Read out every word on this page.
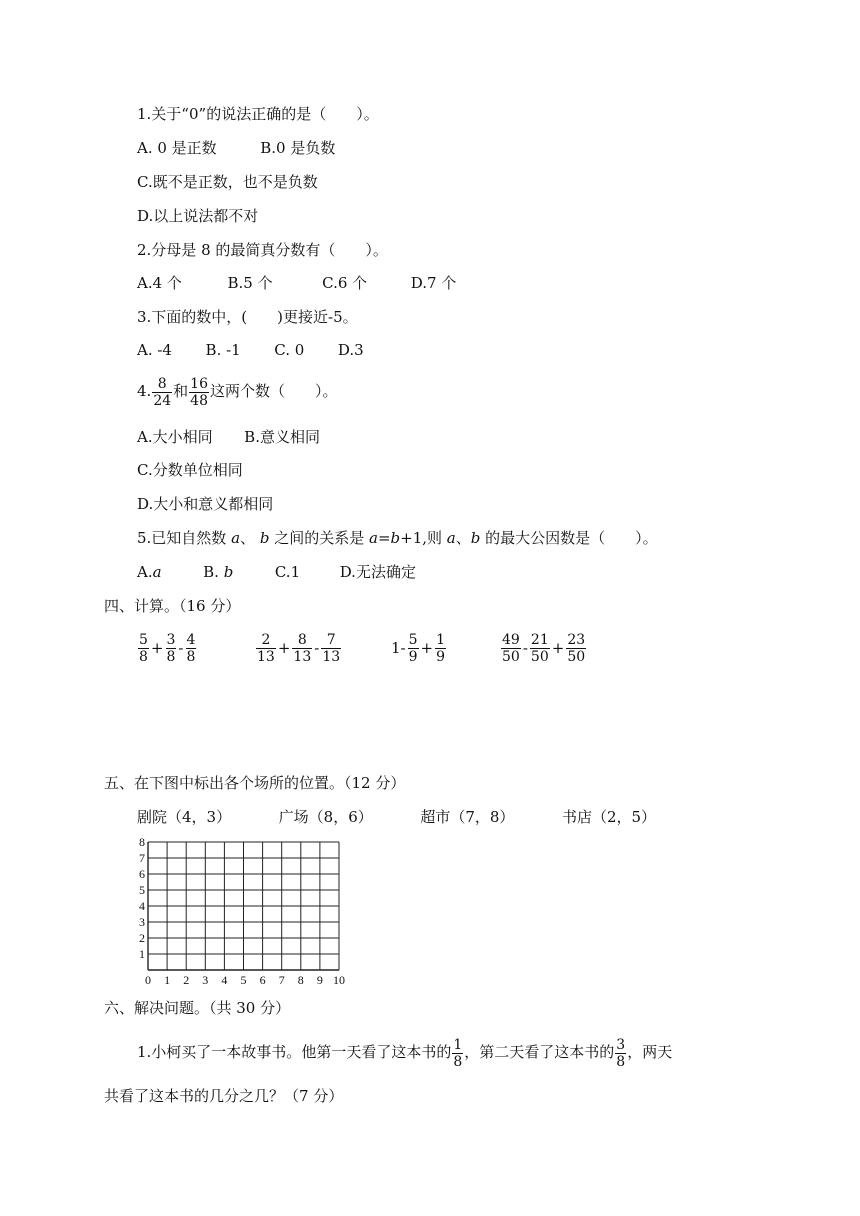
1.关于“0”的说法正确的是（　　）。
A. 0 是正数	B.0 是负数
C.既不是正数，也不是负数
D.以上说法都不对
2.分母是 8 的最简真分数有（　　）。
A.4 个	B.5 个	C.6 个	D.7 个
3.下面的数中，(　　)更接近-5。
A. -4 B. -1 C. 0 D.3
4. $\frac{8}{24}$ 和 $\frac{16}{48}$ 这两个数（　　）。
A.大小相同 B.意义相同
C.分数单位相同
D.大小和意义都相同
5.已知自然数 a、 b 之间的关系是 a=b+1,则 a、b 的最大公因数是（　　）。
A.a	B. b	C.1	D.无法确定
四、计算。（16 分）
$\frac{5}{8} + \frac{3}{8} - \frac{4}{8}$	$\frac{2}{13} + \frac{8}{13} - \frac{7}{13}$	$1- \frac{5}{9} + \frac{1}{9}$	$\frac{49}{50} - \frac{21}{50} + \frac{23}{50}$
五、在下图中标出各个场所的位置。（12 分）
剧院（4，3）	广场（8，6）	超市（7，8）	书店（2，5）
1
2
3
4
5
6
7
8
0 1 2 3 4 5 6 7 8 9 10
六、解决问题。（共 30 分）
1.小柯买了一本故事书。他第一天看了这本书的 $\frac{1}{8}$ ，第二天看了这本书的 $\frac{3}{8}$ ，两天
共看了这本书的几分之几？（7 分）
